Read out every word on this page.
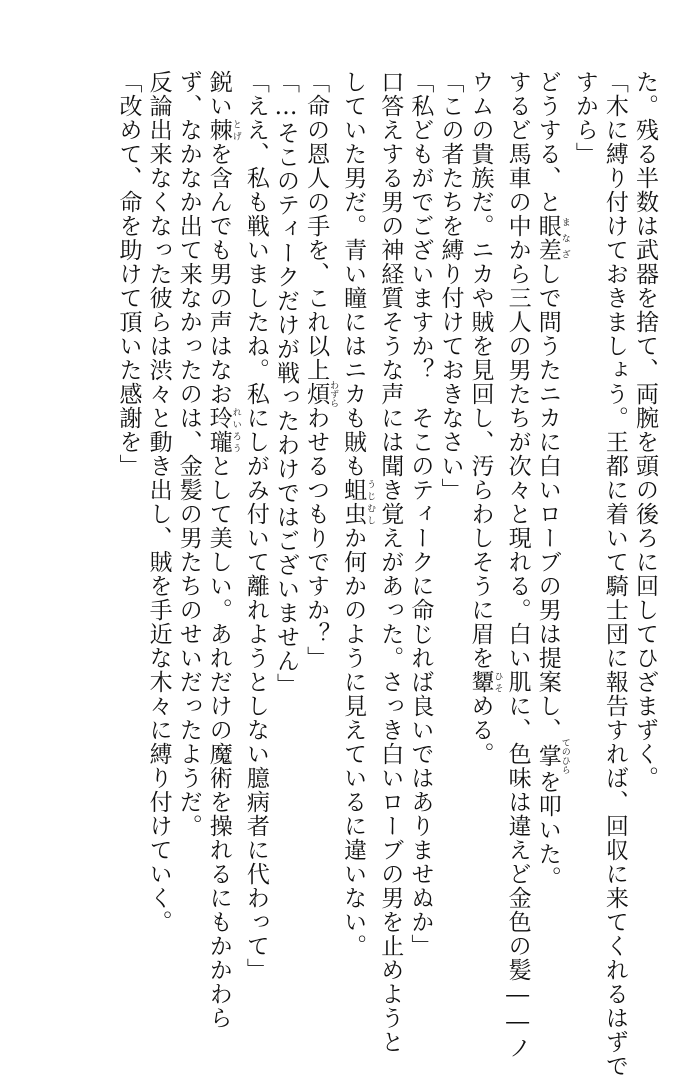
た。残る半数は武器を捨て、両腕を頭の後ろに回してひざまずく。
「木に縛り付けておきましょう。王都に着いて騎士団に報告すれば、回収に来てくれるはずで
すから」
どうする、と眼差 まなざしで問うたニカに白いローブの男は提案し、掌 てのひらを叩いた。
するど馬車の中から三人の男たちが次々と現れる。白い肌に、色味は違えど金色の髪――ノ
ウムの貴族だ。ニカや賊を見回し、汚らわしそうに眉を顰 ひそめる。
「この者たちを縛り付けておきなさい」
「私どもがでございますか？　そこのティークに命じれば良いではありませぬか」
口答えする男の神経質そうな声には聞き覚えがあった。さっき白いローブの男を止めようと
していた男だ。青い瞳にはニカも賊も蛆虫 うじむしか何かのように見えているに違いない。
「命の恩人の手を、これ以上煩 わずらわせるつもりですか？」
「…そこのティークだけが戦ったわけではございません」
「ええ、私も戦いましたね。私にしがみ付いて離れようとしない臆病者に代わって」
鋭い棘 とげを含んでも男の声はなお玲瓏 れいろうとして美しい。あれだけの魔術を操れるにもかかわら
ず、なかなか出て来なかったのは、金髪の男たちのせいだったようだ。
反論出来なくなった彼らは渋々と動き出し、賊を手近な木々に縛り付けていく。
「改めて、命を助けて頂いた感謝を」
